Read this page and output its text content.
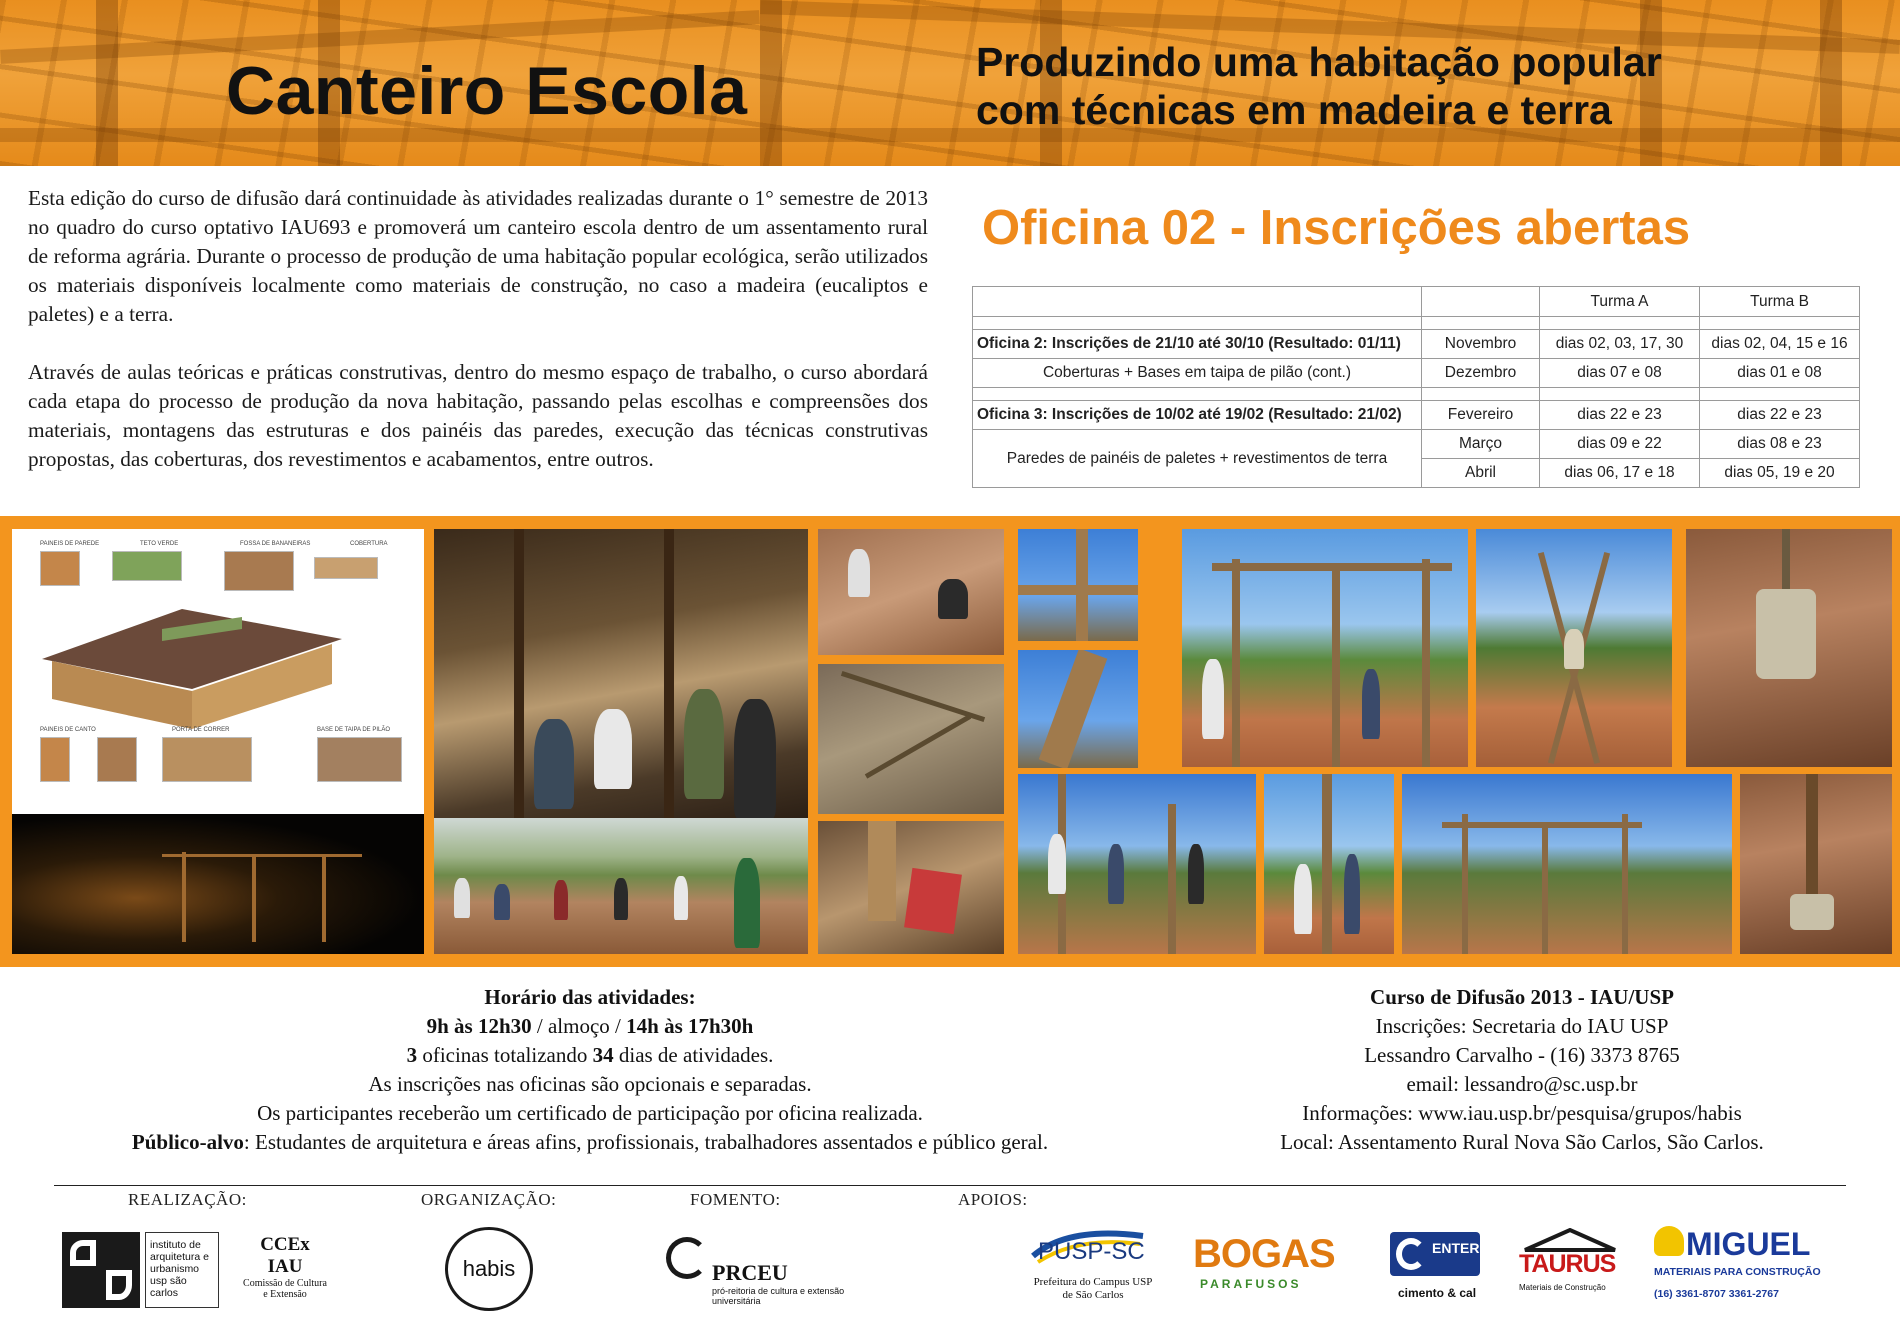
Canteiro Escola	Produzindo uma habitação popular
com técnicas em madeira e terra

Esta edição do curso de difusão dará continuidade às atividades realizadas durante o 1° semestre de 2013 no quadro do curso optativo IAU693 e promoverá um canteiro escola dentro de um assentamento rural de reforma agrária. Durante o processo de produção de uma habitação popular ecológica, serão utilizados os materiais disponíveis localmente como materiais de construção, no caso a madeira (eucaliptos e paletes) e a terra.

Através de aulas teóricas e práticas construtivas, dentro do mesmo espaço de trabalho, o curso abordará cada etapa do processo de produção da nova habitação, passando pelas escolhas e compreensões dos materiais, montagens das estruturas e dos painéis das paredes, execução das técnicas construtivas propostas, das coberturas, dos revestimentos e acabamentos, entre outros.

Oficina 02 - Inscrições abertas
		Turma A	Turma B

Oficina 2: Inscrições de 21/10 até 30/10 (Resultado: 01/11)	Novembro	dias 02, 03, 17, 30	dias 02, 04, 15 e 16
Coberturas + Bases em taipa de pilão (cont.)	Dezembro	dias 07 e 08	dias 01 e 08

Oficina 3: Inscrições de 10/02 até 19/02 (Resultado: 21/02)	Fevereiro	dias 22 e 23	dias 22 e 23
Paredes de painéis de paletes + revestimentos de terra	Março	dias 09 e 22	dias 08 e 23
	Abril	dias 06, 17 e 18	dias 05, 19 e 20
PAINEIS DE PAREDE	TETO VERDE	FOSSA DE BANANEIRAS	COBERTURA
PAINEIS DE CANTO	PORTA DE CORRER	BASE DE TAIPA DE PILÃO
Horário das atividades:
9h às 12h30 / almoço / 14h às 17h30h
3 oficinas totalizando 34 dias de atividades.
As inscrições nas oficinas são opcionais e separadas.
Os participantes receberão um certificado de participação por oficina realizada.
Público-alvo: Estudantes de arquitetura e áreas afins, profissionais, trabalhadores assentados e público geral.
Curso de Difusão 2013 - IAU/USP
Inscrições: Secretaria do IAU USP
Lessandro Carvalho - (16) 3373 8765
email: lessandro@sc.usp.br
Informações: www.iau.usp.br/pesquisa/grupos/habis
Local: Assentamento Rural Nova São Carlos, São Carlos.
REALIZAÇÃO:	ORGANIZAÇÃO:	FOMENTO:	APOIOS:
instituto de arquitetura e urbanismo usp são carlos
CCEx
IAU
Comissão de Cultura e Extensão
habis	PRCEU
pró-reitoria de cultura e extensão universitária
PUSP-SC
Prefeitura do Campus USP de São Carlos
BOGAS
PARAFUSOS
ENTER
cimento & cal
TAURUS
Materiais de Construção
MIGUEL
MATERIAIS PARA CONSTRUÇÃO
(16) 3361-8707 3361-2767
